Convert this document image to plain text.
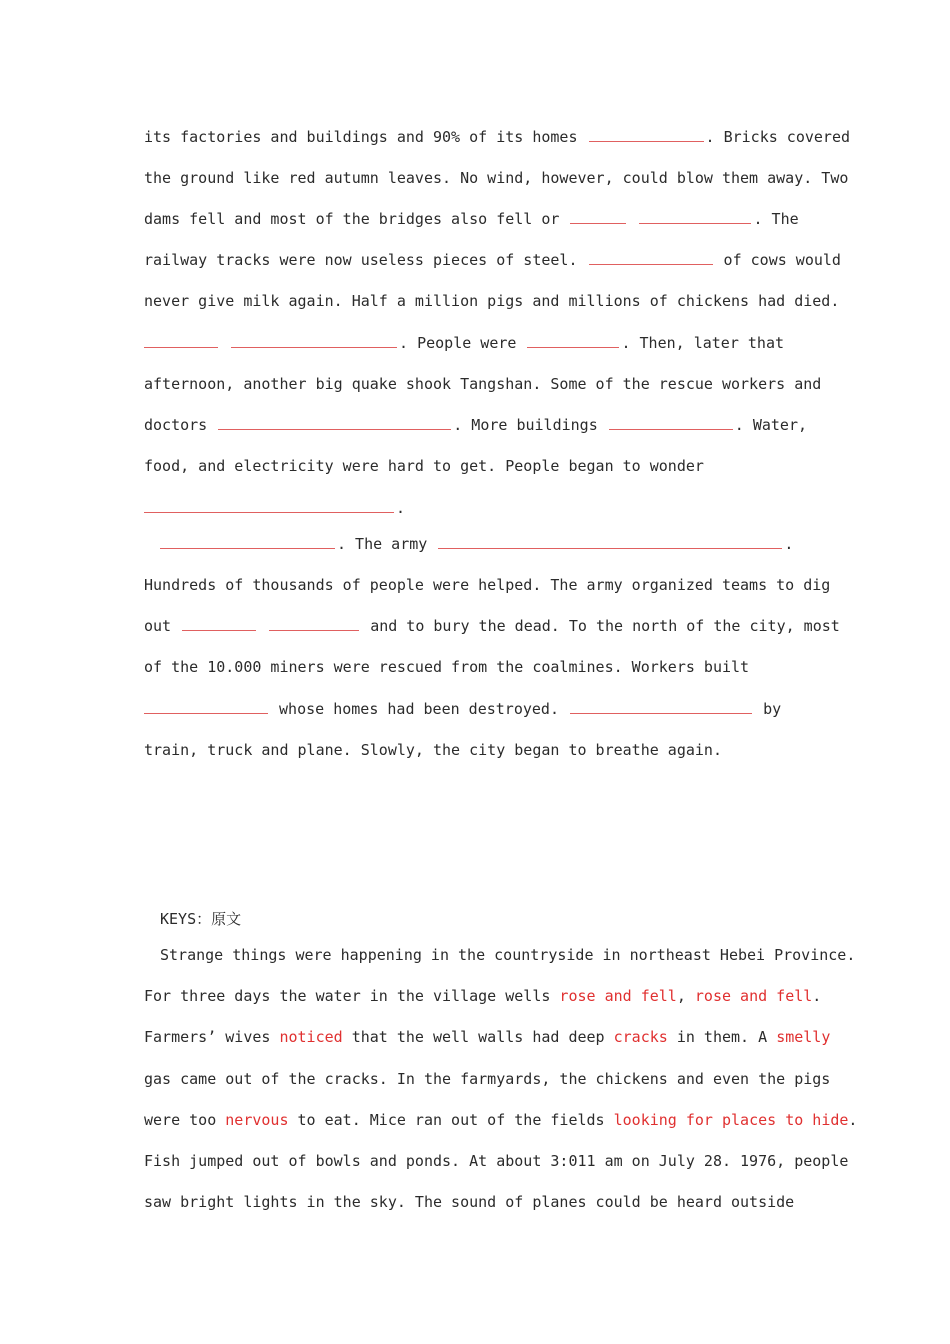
its factories and buildings and 90% of its homes	. Bricks covered
the ground like red autumn leaves. No wind, however, could blow them away. Two
dams fell and most of the bridges also fell or	. The
railway tracks were now useless pieces of steel.	of cows would
never give milk again. Half a million pigs and millions of chickens had died.
. People were	. Then, later that
afternoon, another big quake shook Tangshan. Some of the rescue workers and
doctors	. More buildings	. Water,
food, and electricity were hard to get. People began to wonder
.
. The army	.
Hundreds of thousands of people were helped. The army organized teams to dig
out	and to bury the dead. To the north of the city, most
of the 10.000 miners were rescued from the coalmines. Workers built
whose homes had been destroyed.	by
train, truck and plane. Slowly, the city began to breathe again.
KEYS：原文
Strange things were happening in the countryside in northeast Hebei Province.
For three days the water in the village wells rose and fell, rose and fell.
Farmers’ wives noticed that the well walls had deep cracks in them. A smelly
gas came out of the cracks. In the farmyards, the chickens and even the pigs
were too nervous to eat. Mice ran out of the fields looking for places to hide.
Fish jumped out of bowls and ponds. At about 3:011 am on July 28. 1976, people
saw bright lights in the sky. The sound of planes could be heard outside
